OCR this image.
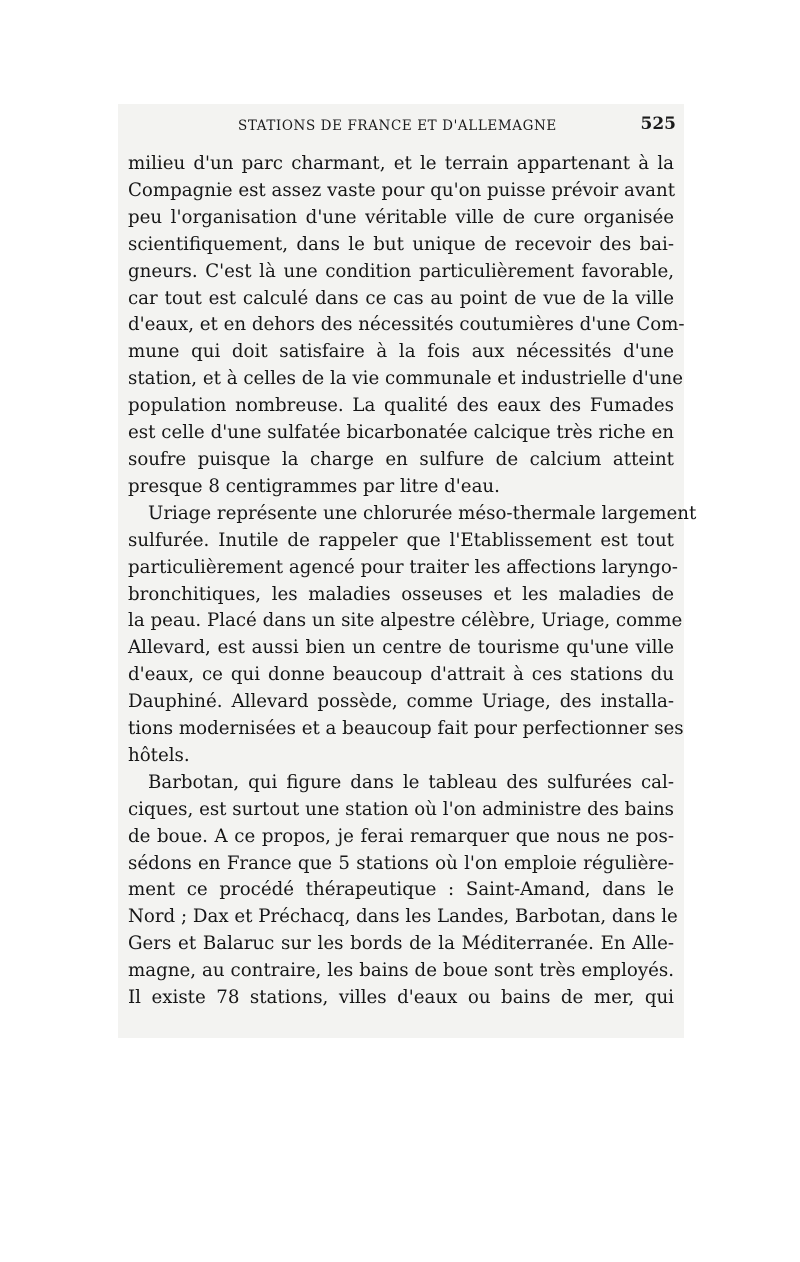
STATIONS DE FRANCE ET D'ALLEMAGNE	525

milieu d'un parc charmant, et le terrain appartenant à la
Compagnie est assez vaste pour qu'on puisse prévoir avant
peu l'organisation d'une véritable ville de cure organisée
scientifiquement, dans le but unique de recevoir des bai-
gneurs. C'est là une condition particulièrement favorable,
car tout est calculé dans ce cas au point de vue de la ville
d'eaux, et en dehors des nécessités coutumières d'une Com-
mune qui doit satisfaire à la fois aux nécessités d'une
station, et à celles de la vie communale et industrielle d'une
population nombreuse. La qualité des eaux des Fumades
est celle d'une sulfatée bicarbonatée calcique très riche en
soufre puisque la charge en sulfure de calcium atteint
presque 8 centigrammes par litre d'eau.

Uriage représente une chlorurée méso-thermale largement
sulfurée. Inutile de rappeler que l'Etablissement est tout
particulièrement agencé pour traiter les affections laryngo-
bronchitiques, les maladies osseuses et les maladies de
la peau. Placé dans un site alpestre célèbre, Uriage, comme
Allevard, est aussi bien un centre de tourisme qu'une ville
d'eaux, ce qui donne beaucoup d'attrait à ces stations du
Dauphiné. Allevard possède, comme Uriage, des installa-
tions modernisées et a beaucoup fait pour perfectionner ses
hôtels.

Barbotan, qui figure dans le tableau des sulfurées cal-
ciques, est surtout une station où l'on administre des bains
de boue. A ce propos, je ferai remarquer que nous ne pos-
sédons en France que 5 stations où l'on emploie régulière-
ment ce procédé thérapeutique : Saint-Amand, dans le
Nord ; Dax et Préchacq, dans les Landes, Barbotan, dans le
Gers et Balaruc sur les bords de la Méditerranée. En Alle-
magne, au contraire, les bains de boue sont très employés.
Il existe 78 stations, villes d'eaux ou bains de mer, qui
